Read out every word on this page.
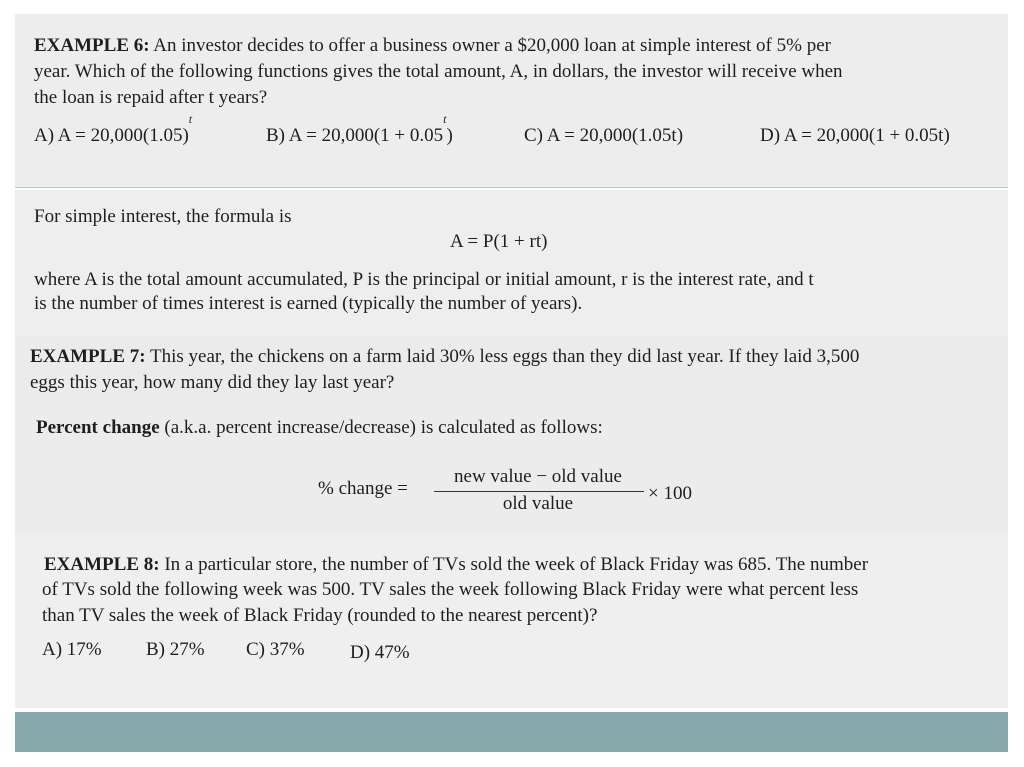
EXAMPLE 6: An investor decides to offer a business owner a $20,000 loan at simple interest of 5% per
year. Which of the following functions gives the total amount, A, in dollars, the investor will receive when
the loan is repaid after t years?
A) $A = 20,000(1.05)^t$
B) $A = 20,000(1 + 0.05^t)$	C) A = 20,000(1.05t)	D) A = 20,000(1 + 0.05t)
For simple interest, the formula is
A = P(1 + rt)
where A is the total amount accumulated, P is the principal or initial amount, r is the interest rate, and t
is the number of times interest is earned (typically the number of years).
EXAMPLE 7: This year, the chickens on a farm laid 30% less eggs than they did last year. If they laid 3,500
eggs this year, how many did they lay last year?
Percent change (a.k.a. percent increase/decrease) is calculated as follows:
% change =
new value − old value
old value	× 100
EXAMPLE 8: In a particular store, the number of TVs sold the week of Black Friday was 685. The number
of TVs sold the following week was 500. TV sales the week following Black Friday were what percent less
than TV sales the week of Black Friday (rounded to the nearest percent)?
A) 17% B) 27% C) 37% D) 47%
